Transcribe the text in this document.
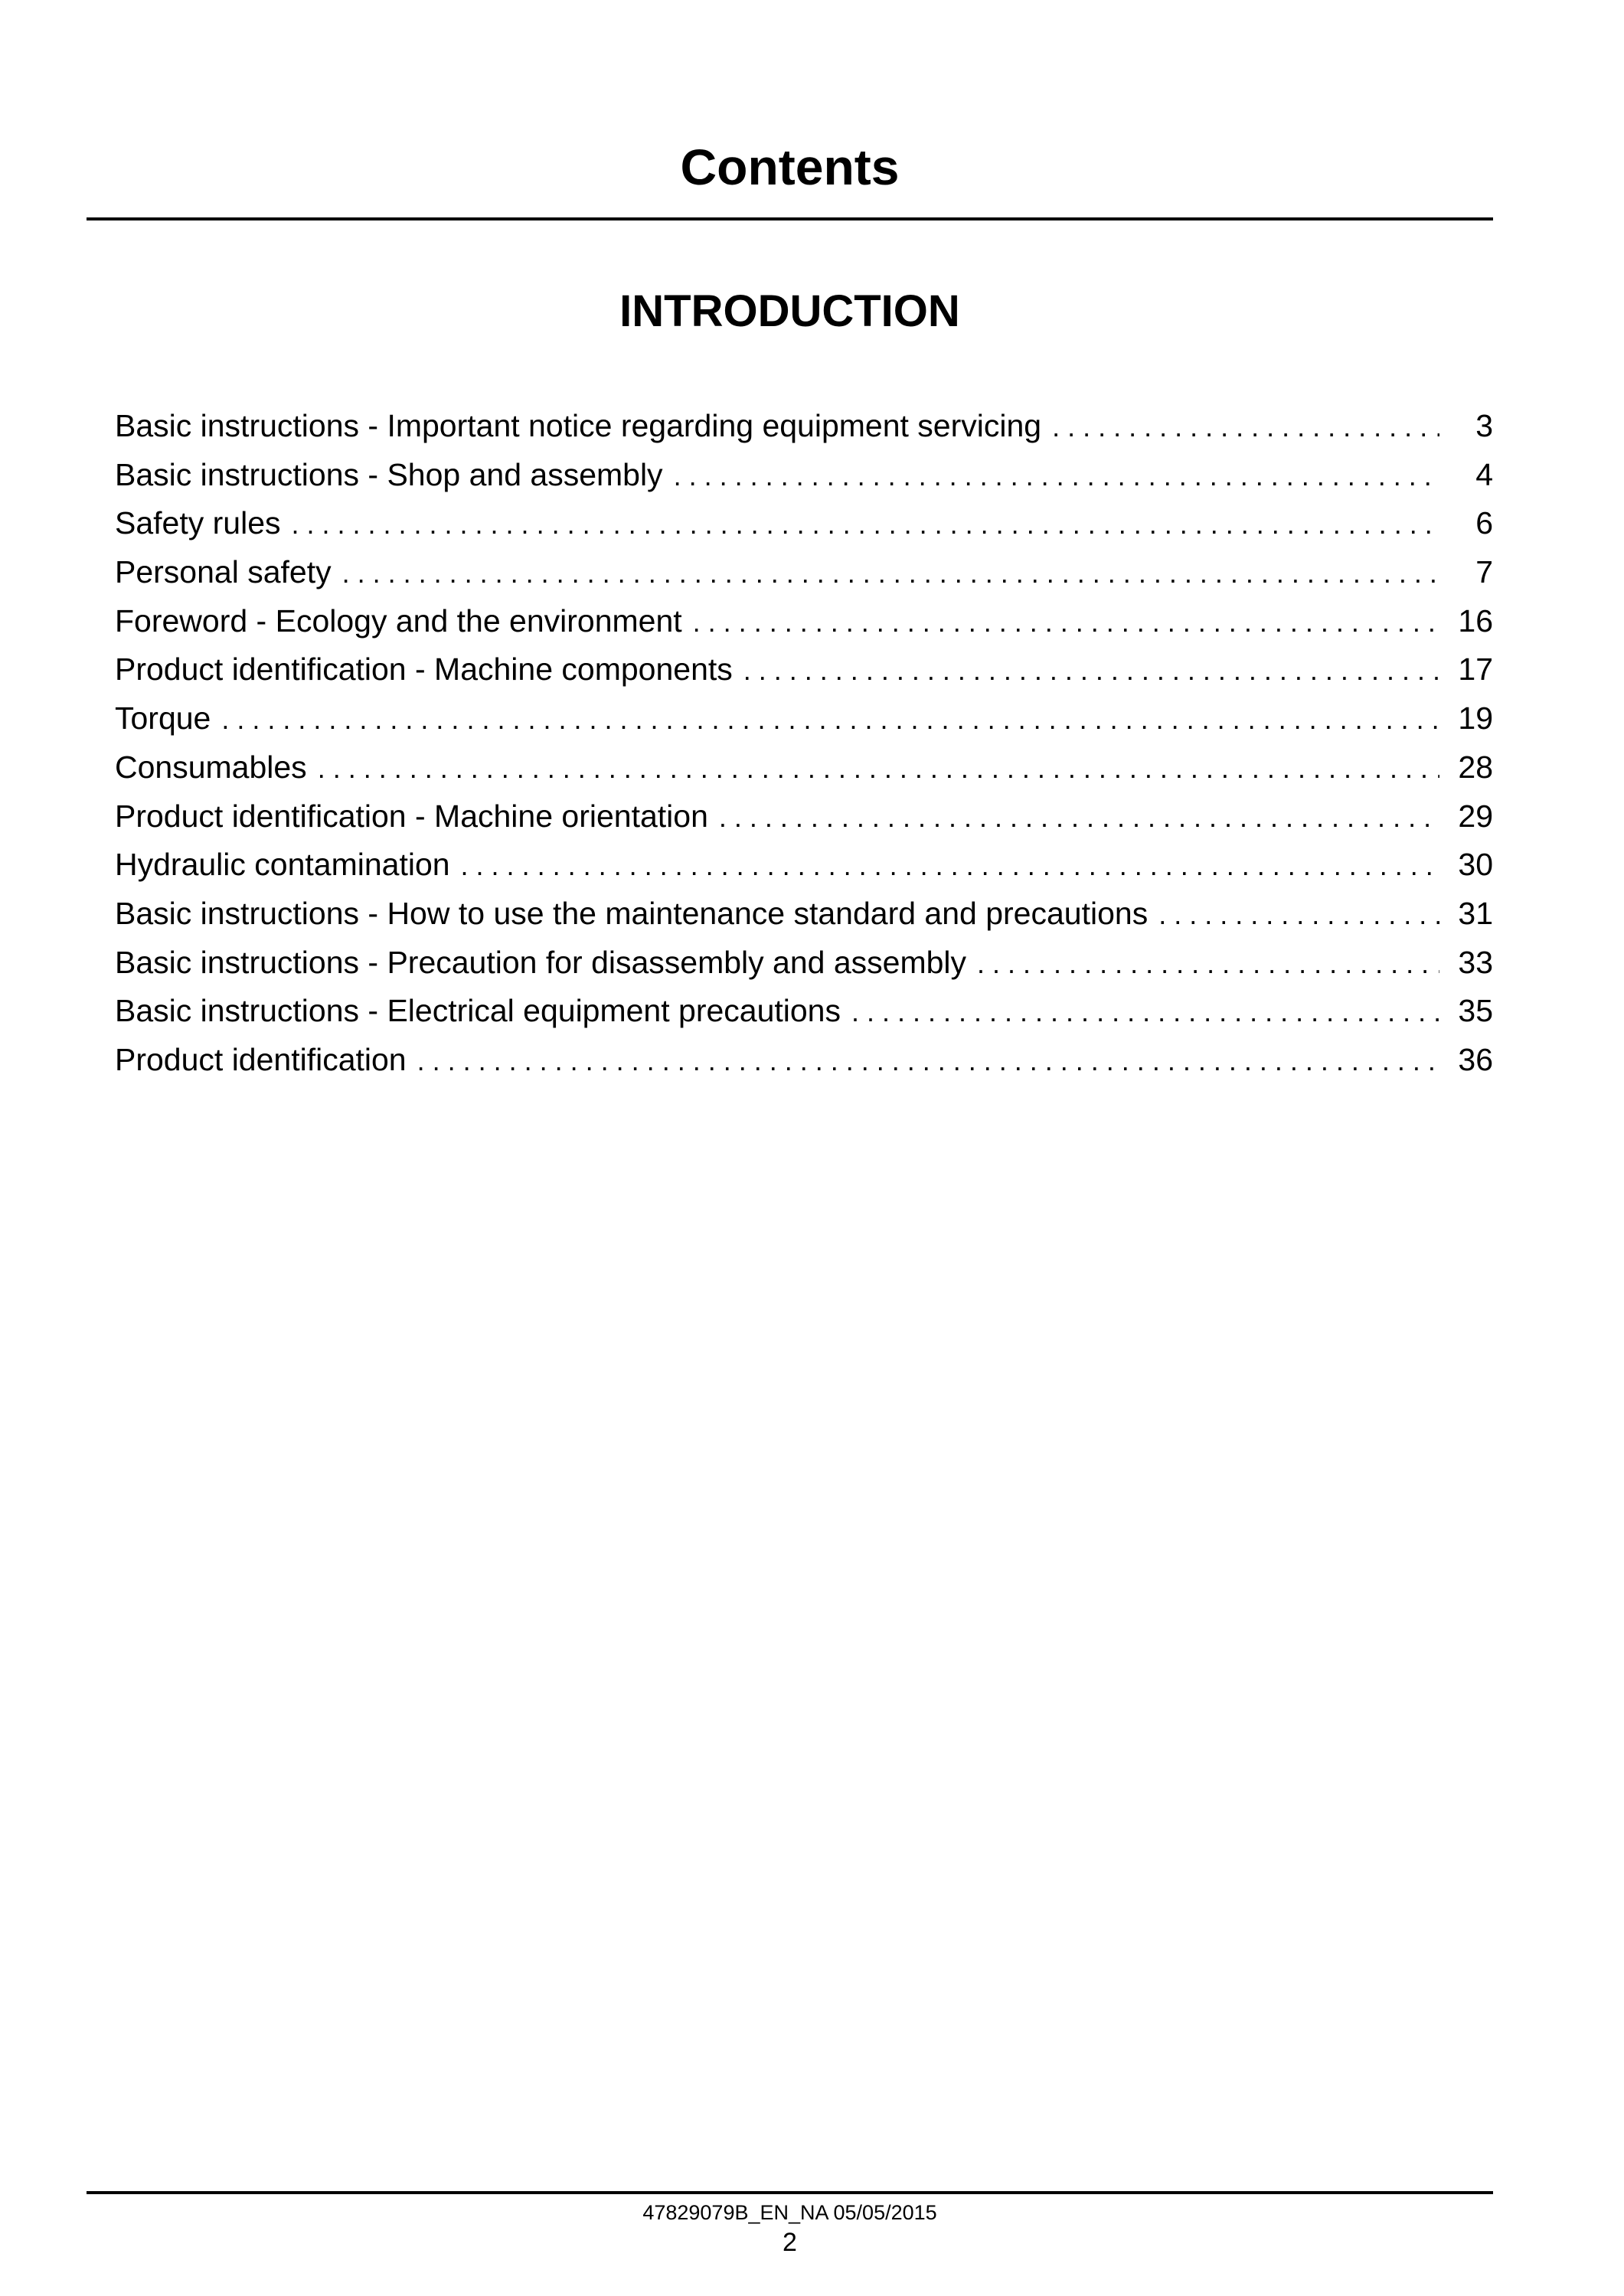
Contents
INTRODUCTION
Basic instructions - Important notice regarding equipment servicing . . .	3
Basic instructions - Shop and assembly . . .	4
Safety rules . . .	6
Personal safety . . .	7
Foreword - Ecology and the environment . . .	16
Product identification - Machine components . . .	17
Torque . . .	19
Consumables . . .	28
Product identification - Machine orientation . . .	29
Hydraulic contamination . . .	30
Basic instructions - How to use the maintenance standard and precautions . . .	31
Basic instructions - Precaution for disassembly and assembly . . .	33
Basic instructions - Electrical equipment precautions . . .	35
Product identification . . .	36
47829079B_EN_NA 05/05/2015
2
